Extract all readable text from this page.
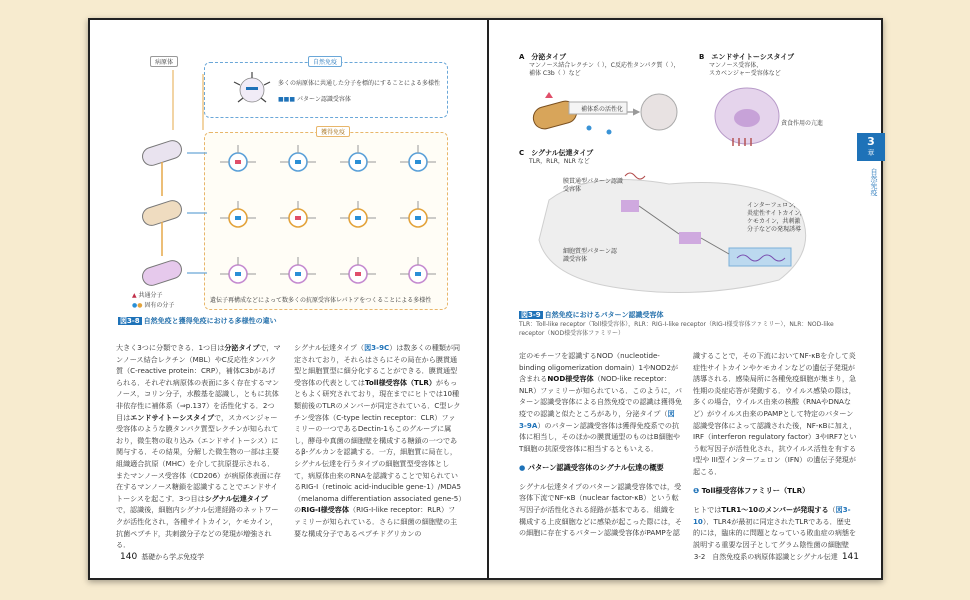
病原体	自然免疫
多くの病原体に共通した分子を標的にすることによる多様性
■■■ パターン認識受容体
獲得免疫
遺伝子再構成などによって数多くの抗原受容体レパトアをつくることによる多様性
▲ 共通分子
●● 固有の分子
図3-8 自然免疫と獲得免疫における多様性の違い

大きく3つに分類できる．1つ目は分泌タイプで，マンノース結合レクチン（MBL）やC反応性タンパク質（C-reactive protein：CRP），補体C3bがあげられる．それぞれ病原体の表面に多く存在するマンノース，コリン分子，水酸基を認識し，ともに抗体非依存性に補体系（⇒p.137）を活性化する．2つ目はエンドサイトーシスタイプで，スカベンジャー受容体のような膜タンパク質型レクチンが知られており，微生物の取り込み（エンドサイトーシス）に関与する．その結果，分解した微生物の一部は主要組織適合抗原（MHC）を介して抗原提示される．またマンノース受容体（CD206）が病原体表面に存在するマンノース糖鎖を認識することでエンドサイトーシスを起こす．3つ目はシグナル伝達タイプで，認識後，細胞内シグナル伝達経路のネットワークが活性化され，各種サイトカイン，ケモカイン，抗菌ペプチド，共刺激分子などの発現が増強される．

シグナル伝達タイプ（図3-9C）は数多くの種類が同定されており，それらはさらにその局在から膜貫通型と細胞質型に細分化することができる．膜貫通型受容体の代表としてはToll様受容体（TLR）がもっともよく研究されており，現在までにヒトでは10種類前後のTLRのメンバーが同定されている．C型レクチン受容体（C-type lectin receptor：CLR）ファミリーの一つであるDectin-1もこのグループに属し，酵母や真菌の細胞壁を構成する糖鎖の一つであるβ-グルカンを認識する．一方，細胞質に局在し，シグナル伝達を行うタイプの細胞質型受容体として，病原体由来のRNAを認識することで知られているRIG-I（retinoic acid-inducible gene-1）/MDA5（melanoma differentiation associated gene-5）のRIG-I様受容体（RIG-I-like receptor：RLR）ファミリーが知られている．さらに細菌の細胞壁の主要な構成分子であるペプチドグリカンの

140 基礎から学ぶ免疫学
3
章
自然免疫
A　分泌タイプ
マンノース結合レクチン（ ），C反応性タンパク質（ ），
補体 C3b（ ）など
補体系の活性化
B　エンドサイトーシスタイプ
マンノース受容体，
スカベンジャー受容体など
貪食作用の亢進
C　シグナル伝達タイプ
TLR，RLR，NLR など
膜貫通型パターン認識受容体
細胞質型パターン認識受容体
インターフェロン，
炎症性サイトカイン，
ケモカイン，共刺激
分子などの発現誘導
図3-9 自然免疫におけるパターン認識受容体
TLR：Toll-like receptor（Toll様受容体），RLR：RIG-I-like receptor（RIG-I様受容体ファミリー），NLR：NOD-like
receptor（NOD様受容体ファミリー）

定のモチーフを認識するNOD（nucleotide-binding oligomerization domain）1やNOD2が含まれるNOD様受容体（NOD-like receptor：NLR）ファミリーが知られている．このように，パターン認識受容体による自然免疫での認識は獲得免疫での認識と似たところがあり，分泌タイプ（図3-9A）のパターン認識受容体は獲得免疫系での抗体に相当し，そのほかの膜貫通型のものはB細胞やT細胞の抗原受容体に相当するともいえる．

● パターン認識受容体のシグナル伝達の概要

シグナル伝達タイプのパターン認識受容体では，受容体下流でNF-κB（nuclear factor-κB）という転写因子が活性化される経路が基本である．組織を構成する上皮細胞などに感染が起こった際には，その細胞に存在するパターン認識受容体がPAMPを認

識することで，その下流においてNF-κBを介して炎症性サイトカインやケモカインなどの遺伝子発現が誘導される．感染局所に各種免疫細胞が集まり，急性期の炎症応答が発動する．ウイルス感染の際は，多くの場合，ウイルス由来の核酸（RNAやDNAなど）がウイルス由来のPAMPとして特定のパターン認識受容体によって認識された後，NF-κBに加え，IRF（interferon regulatory factor）3やIRF7という転写因子が活性化され，抗ウイルス活性を有するI型や III型インターフェロン（IFN）の遺伝子発現が起こる．

❶ Toll様受容体ファミリー（TLR）

ヒトではTLR1〜10のメンバーが発現する（図3-10）．TLR4が最初に同定されたTLRである．歴史的には，臨床的に問題となっている敗血症の病態を説明する重要な因子としてグラム陰性菌の細胞壁

3-2　自然免疫系の病原体認識とシグナル伝達 141
